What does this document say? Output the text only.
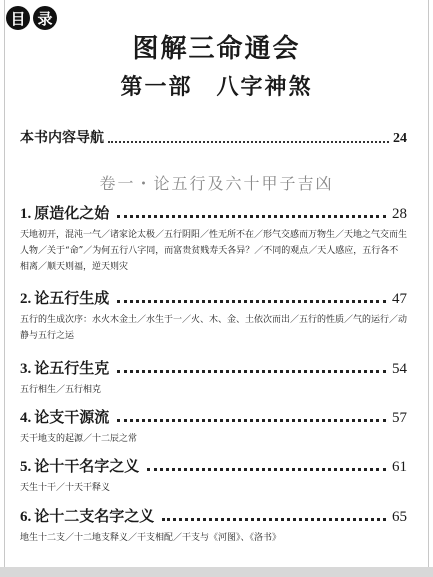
目 录
图解三命通会
第一部　八字神煞
本书内容导航	24
卷一・论五行及六十甲子吉凶
1. 原造化之始	28
天地初开，混沌一气／诸家论太极／五行阴阳／性无所不在／形气交感而万物生／天地之气交而生人物／关于“命”／为何五行八字同，而富贵贫贱寿夭各异？／不同的观点／天人感应，五行各不相离／顺天则福，逆天则灾
2. 论五行生成	47
五行的生成次序：水火木金土／水生于一／火、木、金、土依次而出／五行的性质／气的运行／动静与五行之运
3. 论五行生克	54
五行相生／五行相克
4. 论支干源流	57
天干地支的起源／十二辰之常
5. 论十干名字之义	61
天生十干／十天干释义
6. 论十二支名字之义	65
地生十二支／十二地支释义／干支相配／干支与《河图》、《洛书》
